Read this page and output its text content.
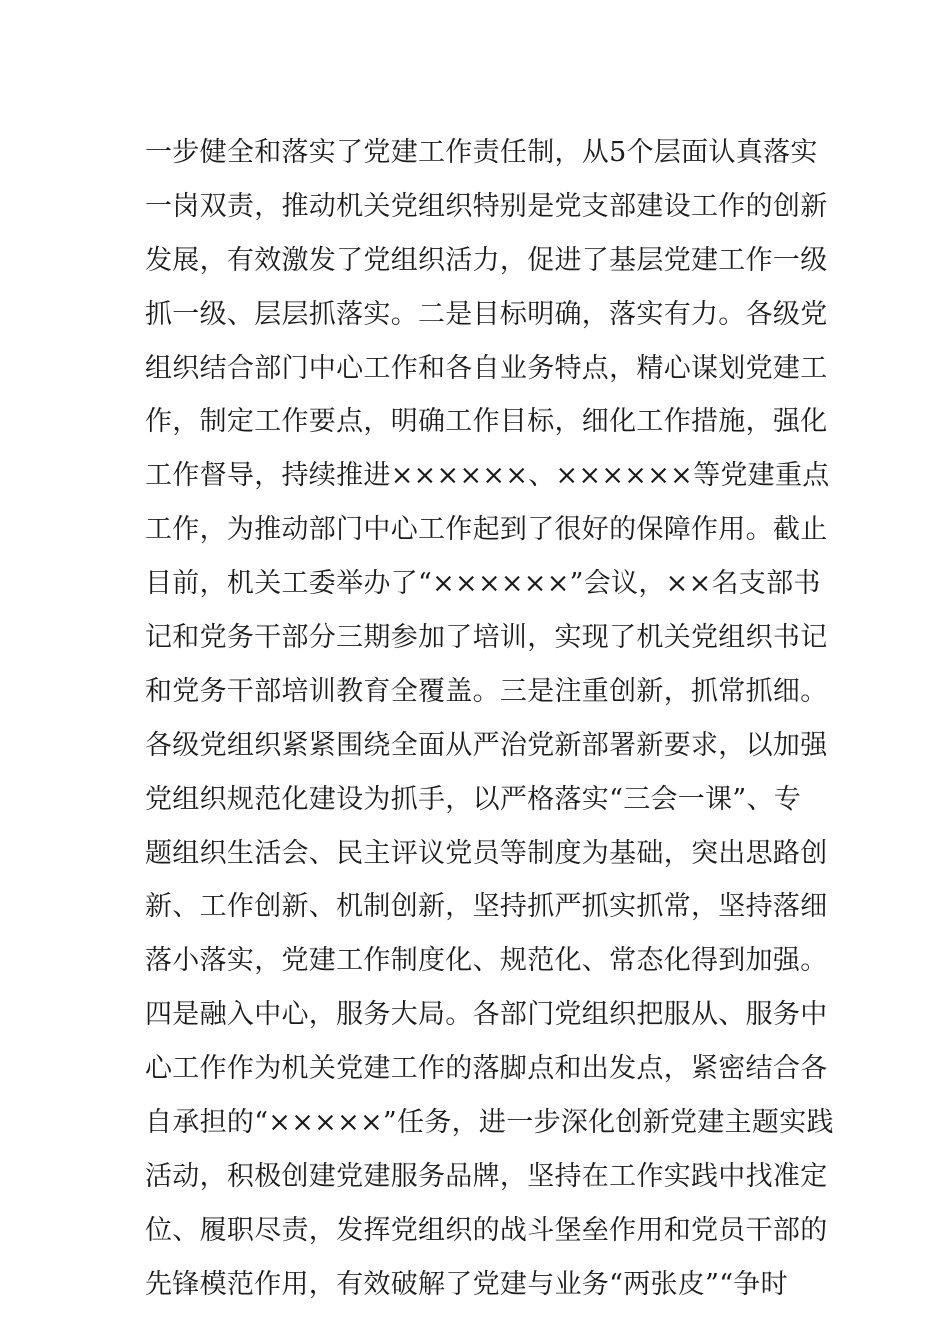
一步健全和落实了党建工作责任制，从5个层面认真落实
一岗双责，推动机关党组织特别是党支部建设工作的创新
发展，有效激发了党组织活力，促进了基层党建工作一级
抓一级、层层抓落实。二是目标明确，落实有力。各级党
组织结合部门中心工作和各自业务特点，精心谋划党建工
作，制定工作要点，明确工作目标，细化工作措施，强化
工作督导，持续推进××××××、××××××等党建重点
工作，为推动部门中心工作起到了很好的保障作用。截止
目前，机关工委举办了“××××××”会议，××名支部书
记和党务干部分三期参加了培训，实现了机关党组织书记
和党务干部培训教育全覆盖。三是注重创新，抓常抓细。
各级党组织紧紧围绕全面从严治党新部署新要求，以加强
党组织规范化建设为抓手，以严格落实“三会一课”、专
题组织生活会、民主评议党员等制度为基础，突出思路创
新、工作创新、机制创新，坚持抓严抓实抓常，坚持落细
落小落实，党建工作制度化、规范化、常态化得到加强。
四是融入中心，服务大局。各部门党组织把服从、服务中
心工作作为机关党建工作的落脚点和出发点，紧密结合各
自承担的“×××××”任务，进一步深化创新党建主题实践
活动，积极创建党建服务品牌，坚持在工作实践中找准定
位、履职尽责，发挥党组织的战斗堡垒作用和党员干部的
先锋模范作用，有效破解了党建与业务“两张皮”“争时
